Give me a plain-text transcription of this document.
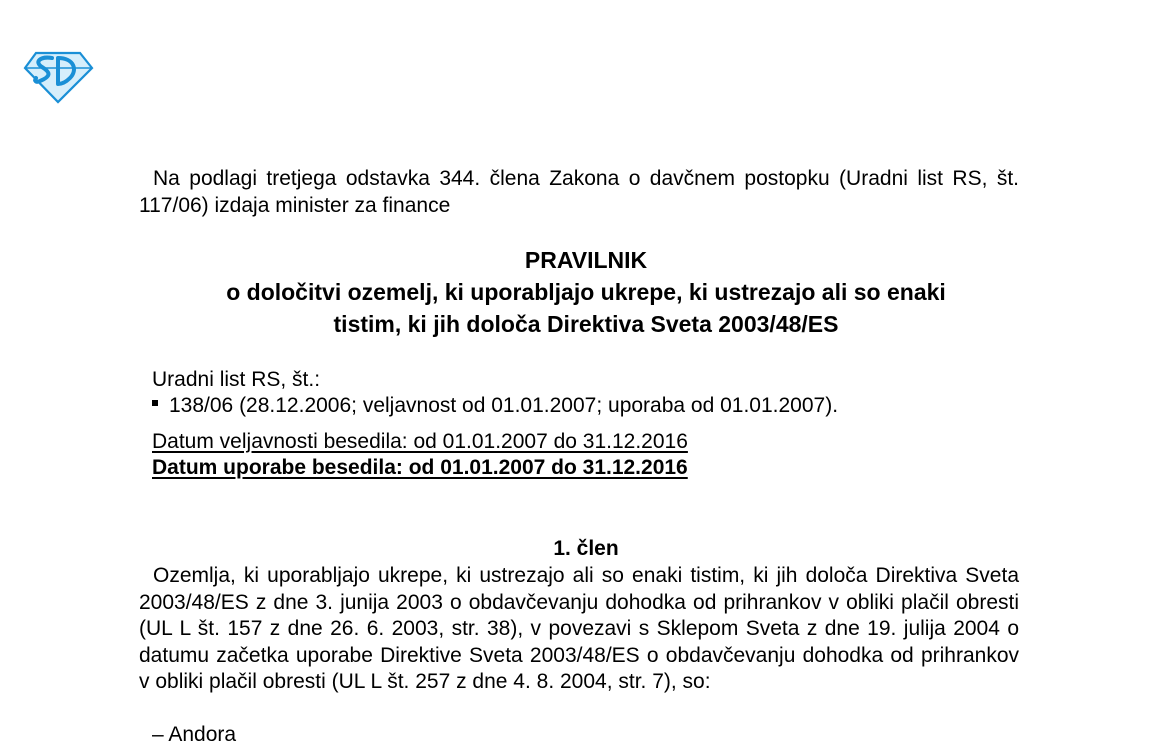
Na podlagi tretjega odstavka 344. člena Zakona o davčnem postopku (Uradni list RS, št. 117/06) izdaja minister za finance
PRAVILNIK
o določitvi ozemelj, ki uporabljajo ukrepe, ki ustrezajo ali so enaki
tistim, ki jih določa Direktiva Sveta 2003/48/ES
Uradni list RS, št.:
138/06 (28.12.2006; veljavnost od 01.01.2007; uporaba od 01.01.2007).
Datum veljavnosti besedila: od 01.01.2007 do 31.12.2016
Datum uporabe besedila: od 01.01.2007 do 31.12.2016
1. člen
Ozemlja, ki uporabljajo ukrepe, ki ustrezajo ali so enaki tistim, ki jih določa Direktiva Sveta 2003/48/ES z dne 3. junija 2003 o obdavčevanju dohodka od prihrankov v obliki plačil obresti (UL L št. 157 z dne 26. 6. 2003, str. 38), v povezavi s Sklepom Sveta z dne 19. julija 2004 o datumu začetka uporabe Direktive Sveta 2003/48/ES o obdavčevanju dohodka od prihrankov v obliki plačil obresti (UL L št. 257 z dne 4. 8. 2004, str. 7), so:
– Andora
